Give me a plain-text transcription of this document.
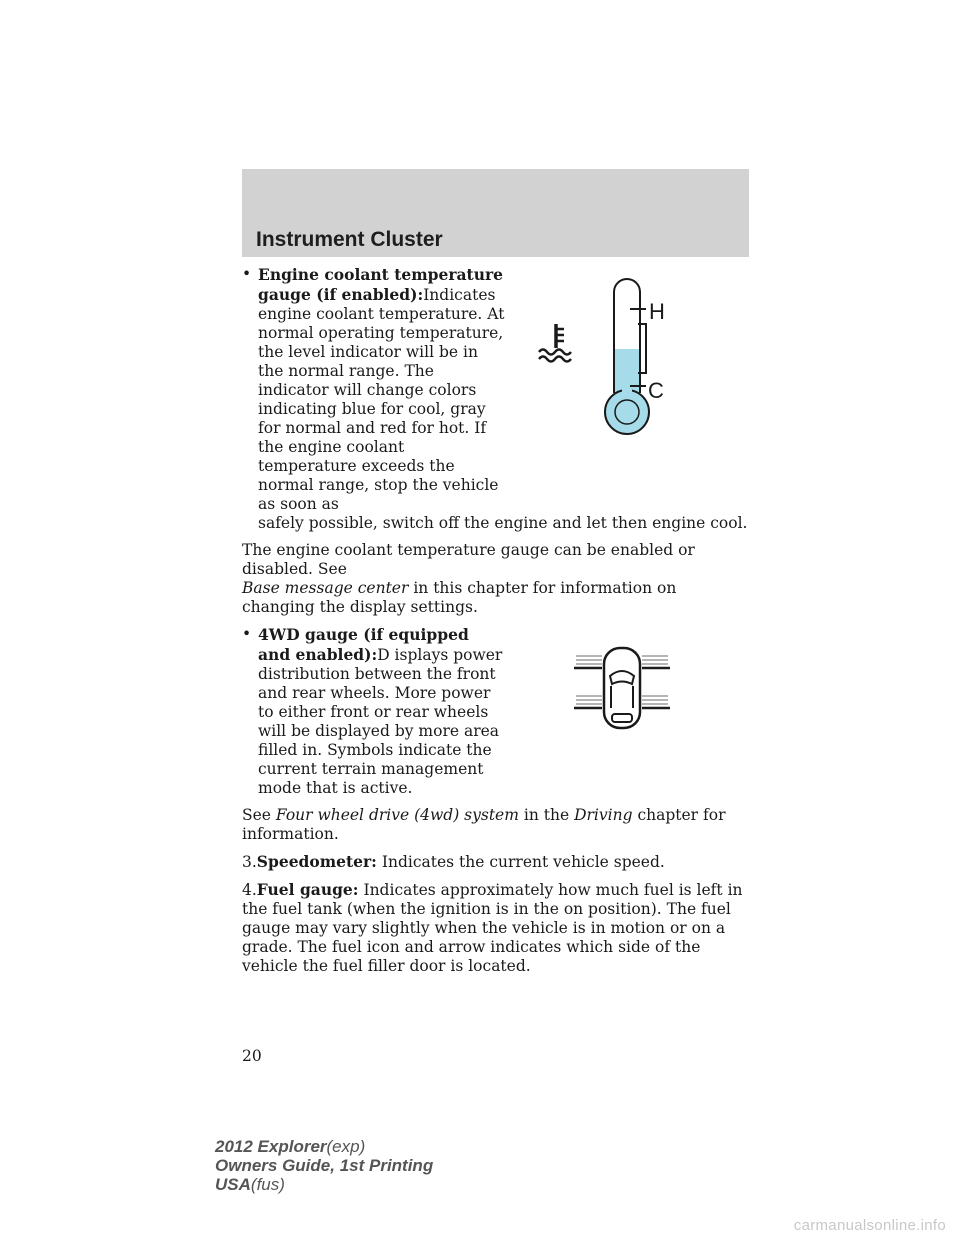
Instrument Cluster
• Engine coolant temperature gauge (if enabled):Indicates engine coolant temperature. At normal operating temperature, the level indicator will be in the normal range. The indicator will change colors indicating blue for cool, gray for normal and red for hot. If the engine coolant temperature exceeds the normal range, stop the vehicle as soon as
safely possible, switch off the engine and let then engine cool.
H
C

The engine coolant temperature gauge can be enabled or disabled. See
Base message center in this chapter for information on changing the display settings.

• 4WD gauge (if equipped and enabled):D isplays power distribution between the front and rear wheels. More power to either front or rear wheels will be displayed by more area filled in. Symbols indicate the current terrain management mode that is active.

See Four wheel drive (4wd) system in the Driving chapter for information.

3.Speedometer: Indicates the current vehicle speed.

4.Fuel gauge: Indicates approximately how much fuel is left in the fuel tank (when the ignition is in the on position). The fuel gauge may vary slightly when the vehicle is in motion or on a grade. The fuel icon and arrow indicates which side of the vehicle the fuel filler door is located.

20
2012 Explorer(exp)
Owners Guide, 1st Printing
USA(fus)
carmanualsonline.info
